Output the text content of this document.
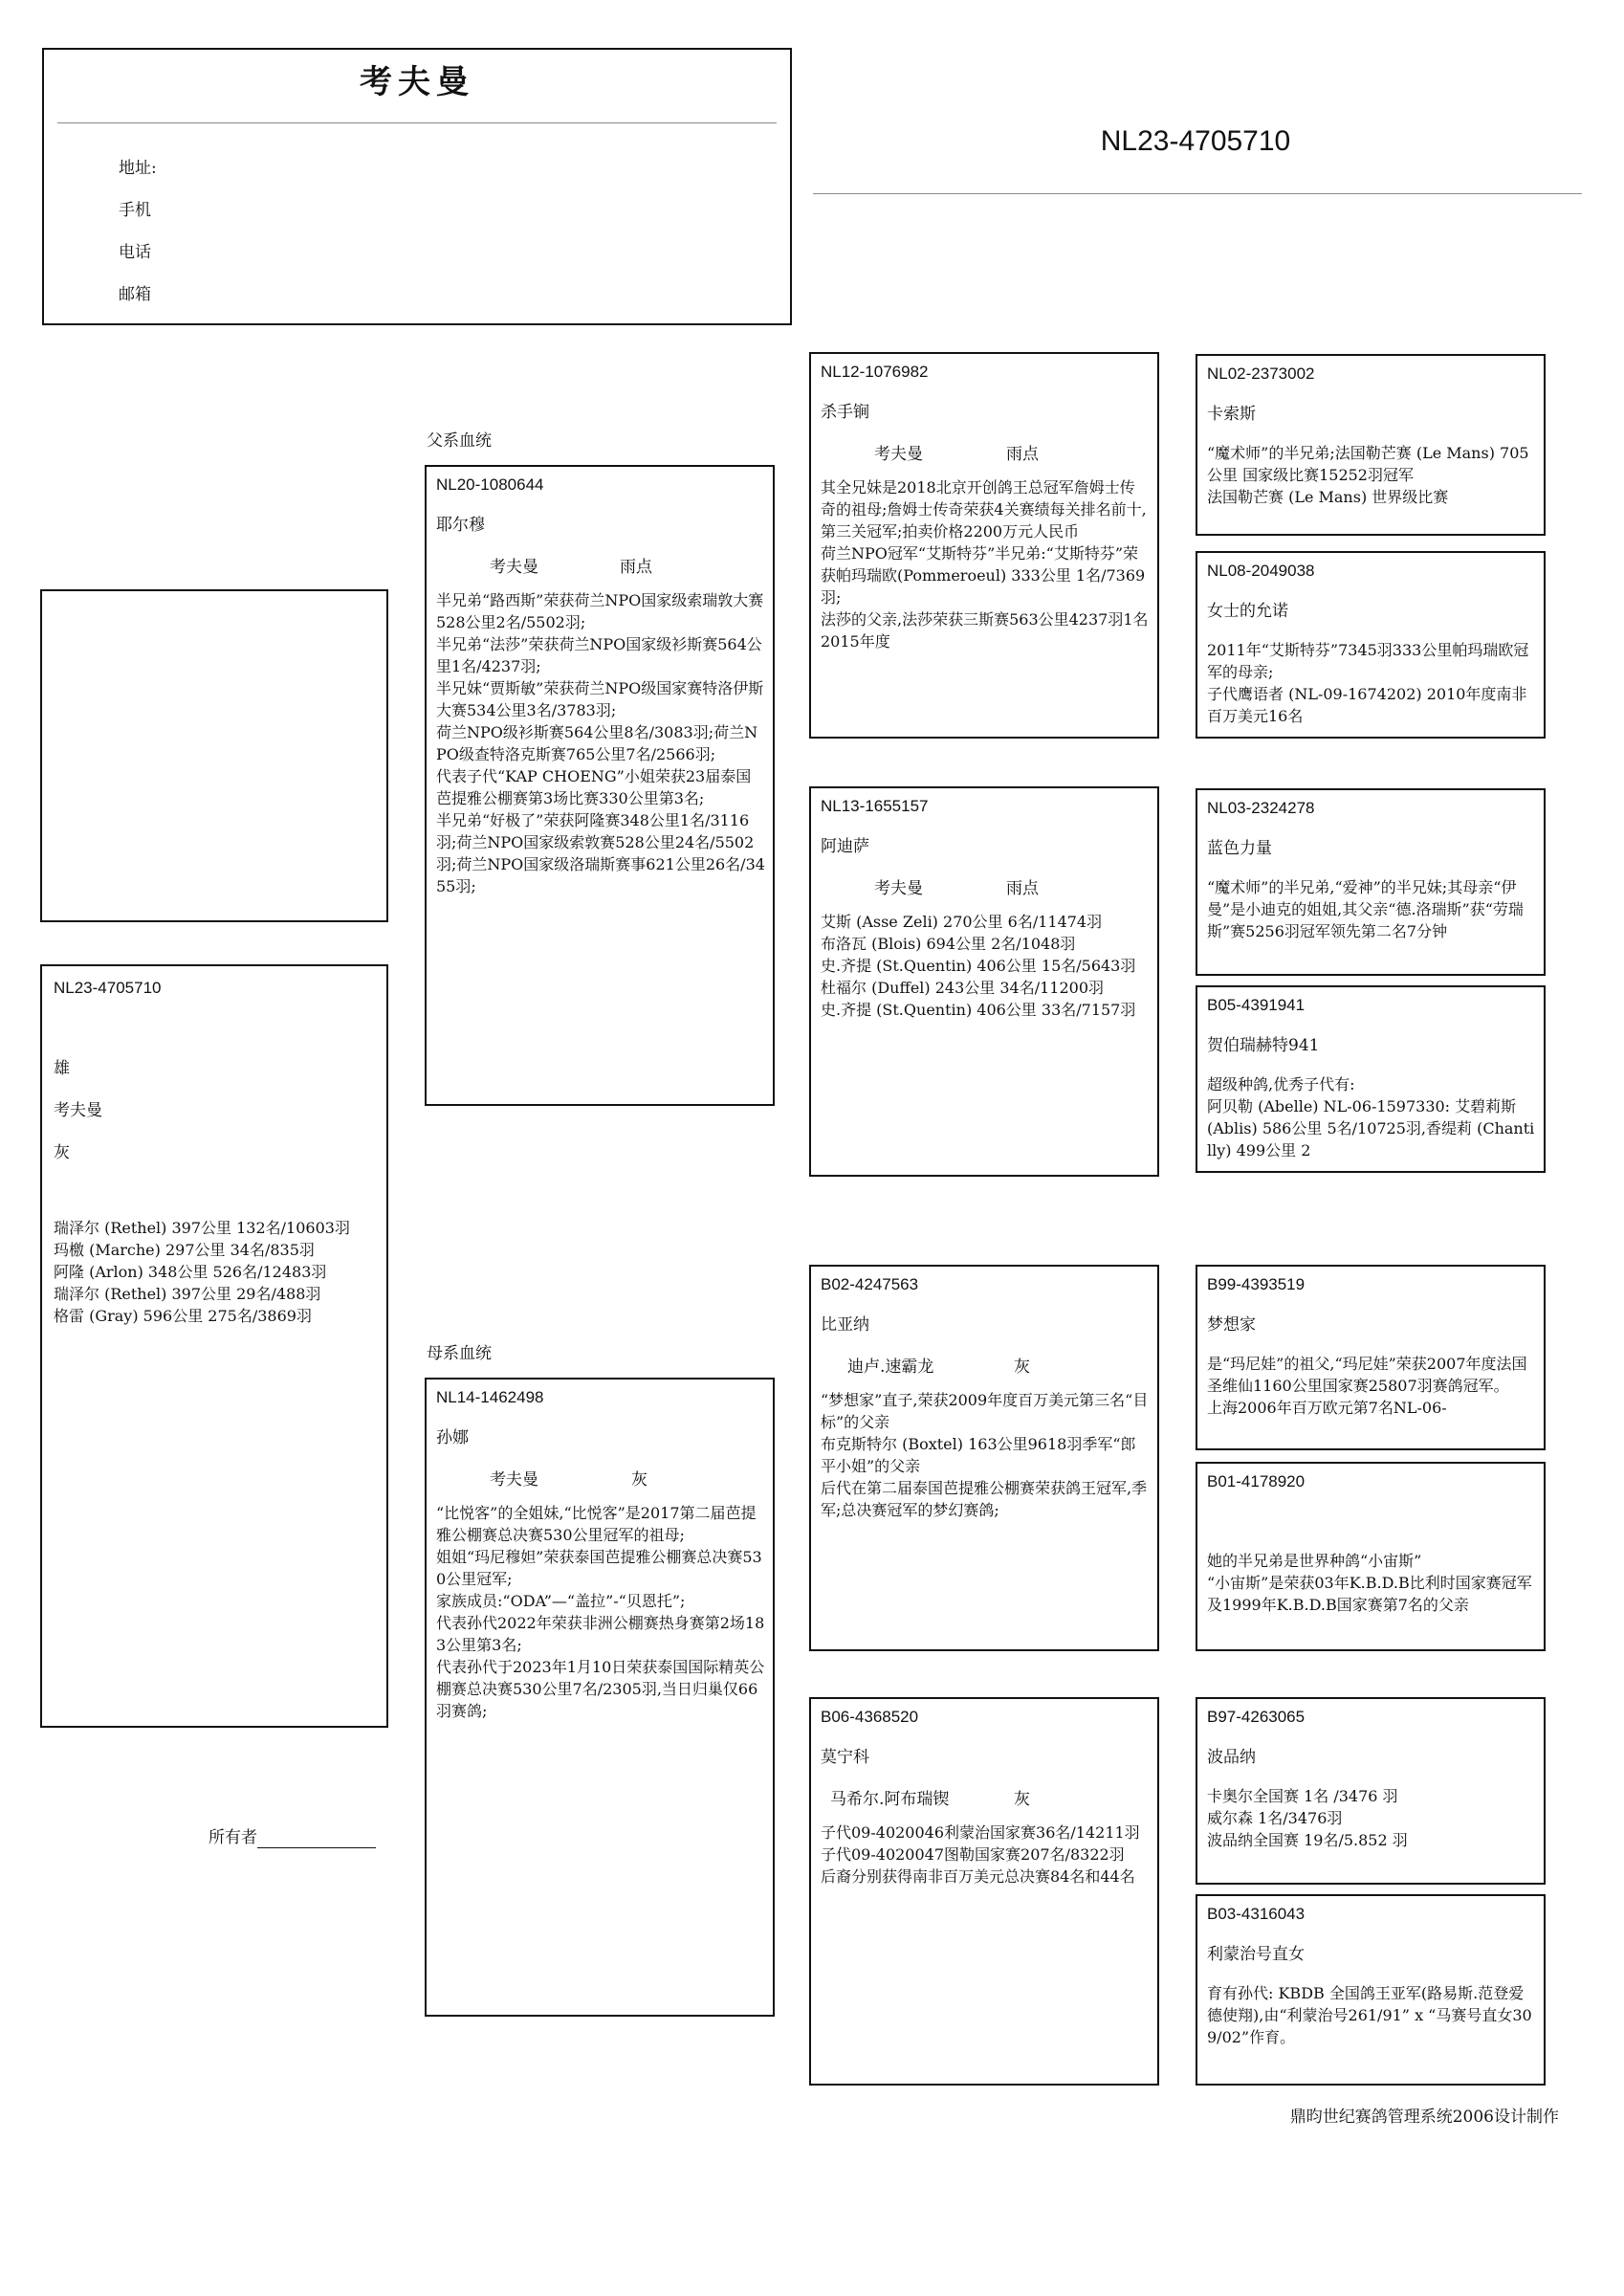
考夫曼
地址:
手机
电话
邮箱
NL23-4705710
NL23-4705710
雄
考夫曼
灰

瑞泽尔 (Rethel) 397公里 132名/10603羽

玛檄 (Marche) 297公里 34名/835羽

阿隆 (Arlon) 348公里 526名/12483羽

瑞泽尔 (Rethel) 397公里 29名/488羽

格雷 (Gray) 596公里 275名/3869羽

所有者
父系血统
母系血统
NL20-1080644
耶尔穆
考夫曼	雨点

半兄弟“路西斯”荣获荷兰NPO国家级索瑞敦大赛528公里2名/5502羽;

半兄弟“法莎”荣获荷兰NPO国家级衫斯赛564公里1名/4237羽;

半兄妹“贾斯敏”荣获荷兰NPO级国家赛特洛伊斯大赛534公里3名/3783羽;

荷兰NPO级衫斯赛564公里8名/3083羽;荷兰NPO级查特洛克斯赛765公里7名/2566羽;

代表子代“KAP CHOENG”小姐荣获23届泰国芭提雅公棚赛第3场比赛330公里第3名;

半兄弟“好极了”荣获阿隆赛348公里1名/3116羽;荷兰NPO国家级索敦赛528公里24名/5502羽;荷兰NPO国家级洛瑞斯赛事621公里26名/3455羽;

NL14-1462498
孙娜
考夫曼	灰

“比悦客”的全姐妹,“比悦客”是2017第二届芭提雅公棚赛总决赛530公里冠军的祖母;

姐姐“玛尼穆妲”荣获泰国芭提雅公棚赛总决赛530公里冠军;

家族成员:“ODA”—“盖拉”-“贝恩托”;

代表孙代2022年荣获非洲公棚赛热身赛第2场183公里第3名;

代表孙代于2023年1月10日荣获泰国国际精英公棚赛总决赛530公里7名/2305羽,当日归巢仅66羽赛鸽;

NL12-1076982
杀手锏
考夫曼	雨点

其全兄妹是2018北京开创鸽王总冠军詹姆士传奇的祖母;詹姆士传奇荣获4关赛绩每关排名前十,第三关冠军;拍卖价格2200万元人民币

荷兰NPO冠军“艾斯特芬”半兄弟:“艾斯特芬”荣获帕玛瑞欧(Pommeroeul) 333公里 1名/7369羽;

法莎的父亲,法莎荣获三斯赛563公里4237羽1名2015年度

NL13-1655157
阿迪萨
考夫曼	雨点

艾斯 (Asse Zeli) 270公里 6名/11474羽

布洛瓦 (Blois) 694公里 2名/1048羽

史.齐提 (St.Quentin) 406公里 15名/5643羽

杜福尔 (Duffel) 243公里 34名/11200羽

史.齐提 (St.Quentin) 406公里 33名/7157羽

B02-4247563
比亚纳
迪卢.速霸龙	灰

“梦想家”直子,荣获2009年度百万美元第三名“目标”的父亲

布克斯特尔 (Boxtel) 163公里9618羽季军“郎平小姐”的父亲

后代在第二届泰国芭提雅公棚赛荣获鸽王冠军,季军;总决赛冠军的梦幻赛鸽;

B06-4368520
莫宁科
马希尔.阿布瑞锲	灰

子代09-4020046利蒙治国家赛36名/14211羽

子代09-4020047图勒国家赛207名/8322羽

后裔分别获得南非百万美元总决赛84名和44名

NL02-2373002
卡索斯

“魔术师”的半兄弟;法国勒芒赛 (Le Mans) 705公里 国家级比赛15252羽冠军

法国勒芒赛 (Le Mans) 世界级比赛

NL08-2049038
女士的允诺

2011年“艾斯特芬”7345羽333公里帕玛瑞欧冠军的母亲;

子代鹰语者 (NL-09-1674202) 2010年度南非百万美元16名

NL03-2324278
蓝色力量

“魔术师”的半兄弟,“爱神”的半兄妹;其母亲“伊曼”是小迪克的姐姐,其父亲“德.洛瑞斯”获“劳瑞斯”赛5256羽冠军领先第二名7分钟

B05-4391941
贺伯瑞赫特941

超级种鸽,优秀子代有:

阿贝勒 (Abelle) NL-06-1597330: 艾碧莉斯 (Ablis) 586公里 5名/10725羽,香缇莉 (Chantilly) 499公里 2

B99-4393519
梦想家

是“玛尼娃”的祖父,“玛尼娃”荣获2007年度法国圣维仙1160公里国家赛25807羽赛鸽冠军。

上海2006年百万欧元第7名NL-06-

B01-4178920

她的半兄弟是世界种鸽“小宙斯”

“小宙斯”是荣获03年K.B.D.B比利时国家赛冠军及1999年K.B.D.B国家赛第7名的父亲

B97-4263065
波品纳

卡奥尔全国赛 1名 /3476 羽

威尔森 1名/3476羽

波品纳全国赛 19名/5.852 羽

B03-4316043
利蒙治号直女

育有孙代: KBDB 全国鸽王亚军(路易斯.范登爱德使翔),由“利蒙治号261/91” x “马赛号直女309/02”作育。

鼎昀世纪赛鸽管理系统2006设计制作
